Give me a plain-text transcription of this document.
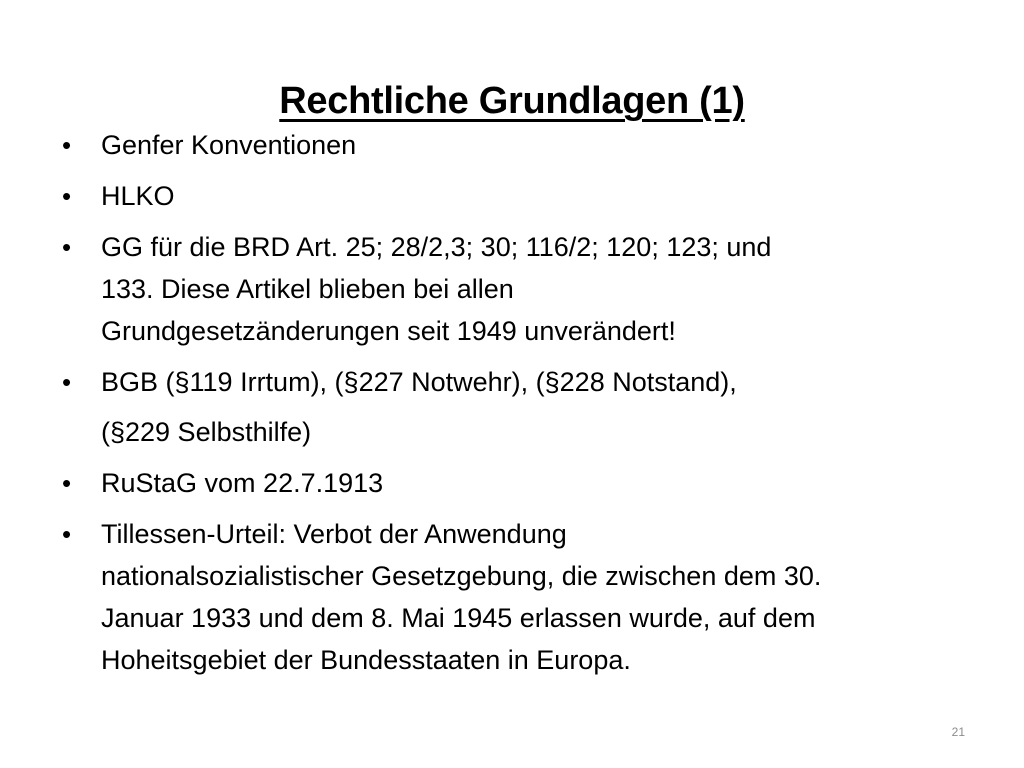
Rechtliche Grundlagen (1)
• Genfer Konventionen
• HLKO
• GG für die BRD Art. 25; 28/2,3; 30; 116/2; 120; 123; und
133. Diese Artikel blieben bei allen
Grundgesetzänderungen seit 1949 unverändert!
• BGB (§119 Irrtum), (§227 Notwehr), (§228 Notstand),
(§229 Selbsthilfe)
• RuStaG vom 22.7.1913
• Tillessen-Urteil: Verbot der Anwendung
nationalsozialistischer Gesetzgebung, die zwischen dem 30.
Januar 1933 und dem 8. Mai 1945 erlassen wurde, auf dem
Hoheitsgebiet der Bundesstaaten in Europa.
21
